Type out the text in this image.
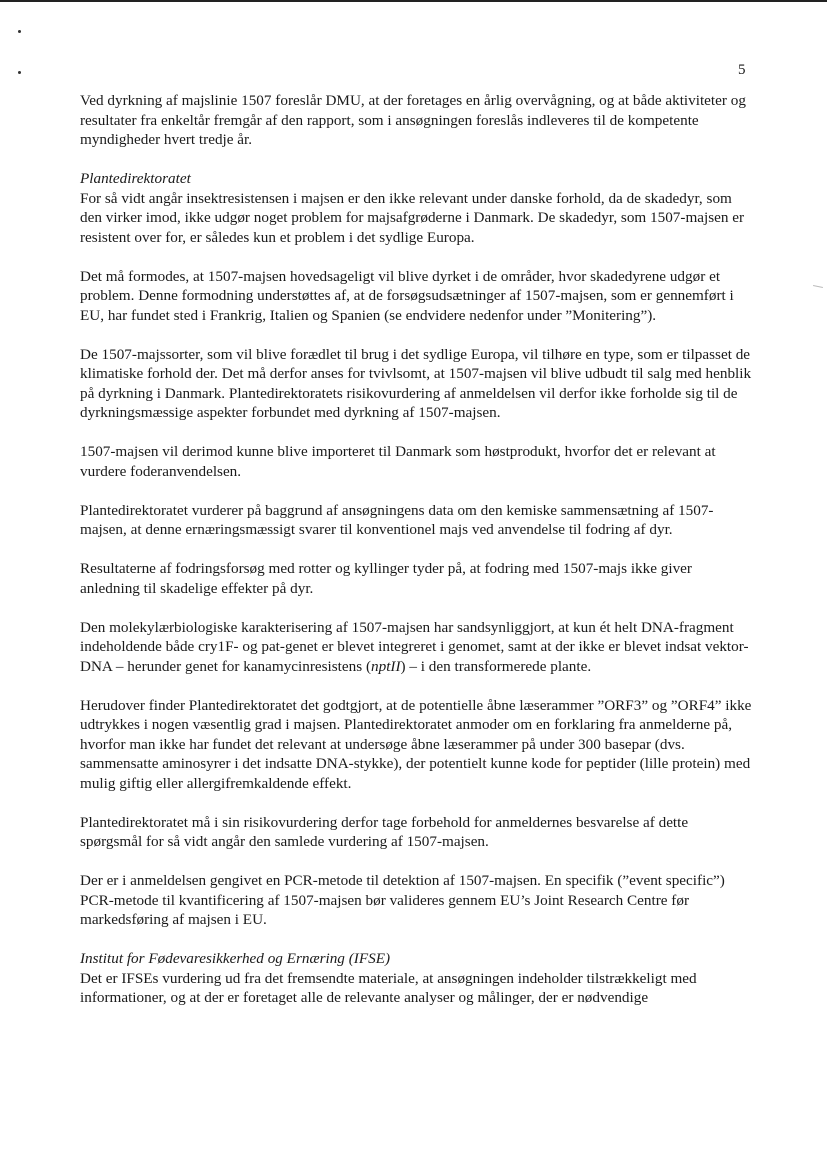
5

Ved dyrkning af majslinie 1507 foreslår DMU, at der foretages en årlig overvågning, og at både aktiviteter og resultater fra enkeltår fremgår af den rapport, som i ansøgningen foreslås indleveres til de kompetente myndigheder hvert tredje år.

Plantedirektoratet

For så vidt angår insektresistensen i majsen er den ikke relevant under danske forhold, da de skadedyr, som den virker imod, ikke udgør noget problem for majsafgrøderne i Danmark. De skadedyr, som 1507-majsen er resistent over for, er således kun et problem i det sydlige Europa.

Det må formodes, at 1507-majsen hovedsageligt vil blive dyrket i de områder, hvor skadedyrene udgør et problem. Denne formodning understøttes af, at de forsøgsudsætninger af 1507-majsen, som er gennemført i EU, har fundet sted i Frankrig, Italien og Spanien (se endvidere nedenfor under ”Monitering”).

De 1507-majssorter, som vil blive forædlet til brug i det sydlige Europa, vil tilhøre en type, som er tilpasset de klimatiske forhold der. Det må derfor anses for tvivlsomt, at 1507-majsen vil blive udbudt til salg med henblik på dyrkning i Danmark. Plantedirektoratets risikovurdering af anmeldelsen vil derfor ikke forholde sig til de dyrkningsmæssige aspekter forbundet med dyrkning af 1507-majsen.

1507-majsen vil derimod kunne blive importeret til Danmark som høstprodukt, hvorfor det er relevant at vurdere foderanvendelsen.

Plantedirektoratet vurderer på baggrund af ansøgningens data om den kemiske sammensætning af 1507-majsen, at denne ernæringsmæssigt svarer til konventionel majs ved anvendelse til fodring af dyr.

Resultaterne af fodringsforsøg med rotter og kyllinger tyder på, at fodring med 1507-majs ikke giver anledning til skadelige effekter på dyr.

Den molekylærbiologiske karakterisering af 1507-majsen har sandsynliggjort, at kun ét helt DNA-fragment indeholdende både cry1F- og pat-genet er blevet integreret i genomet, samt at der ikke er blevet indsat vektor-DNA – herunder genet for kanamycinresistens (nptII) – i den transformerede plante.

Herudover finder Plantedirektoratet det godtgjort, at de potentielle åbne læserammer ”ORF3” og ”ORF4” ikke udtrykkes i nogen væsentlig grad i majsen. Plantedirektoratet anmoder om en forklaring fra anmelderne på, hvorfor man ikke har fundet det relevant at undersøge åbne læserammer på under 300 basepar (dvs. sammensatte aminosyrer i det indsatte DNA-stykke), der potentielt kunne kode for peptider (lille protein) med mulig giftig eller allergifremkaldende effekt.

Plantedirektoratet må i sin risikovurdering derfor tage forbehold for anmeldernes besvarelse af dette spørgsmål for så vidt angår den samlede vurdering af 1507-majsen.

Der er i anmeldelsen gengivet en PCR-metode til detektion af 1507-majsen. En specifik (”event specific”) PCR-metode til kvantificering af 1507-majsen bør valideres gennem EU’s Joint Research Centre før markedsføring af majsen i EU.

Institut for Fødevaresikkerhed og Ernæring (IFSE)

Det er IFSEs vurdering ud fra det fremsendte materiale, at ansøgningen indeholder tilstrækkeligt med informationer, og at der er foretaget alle de relevante analyser og målinger, der er nødvendige
